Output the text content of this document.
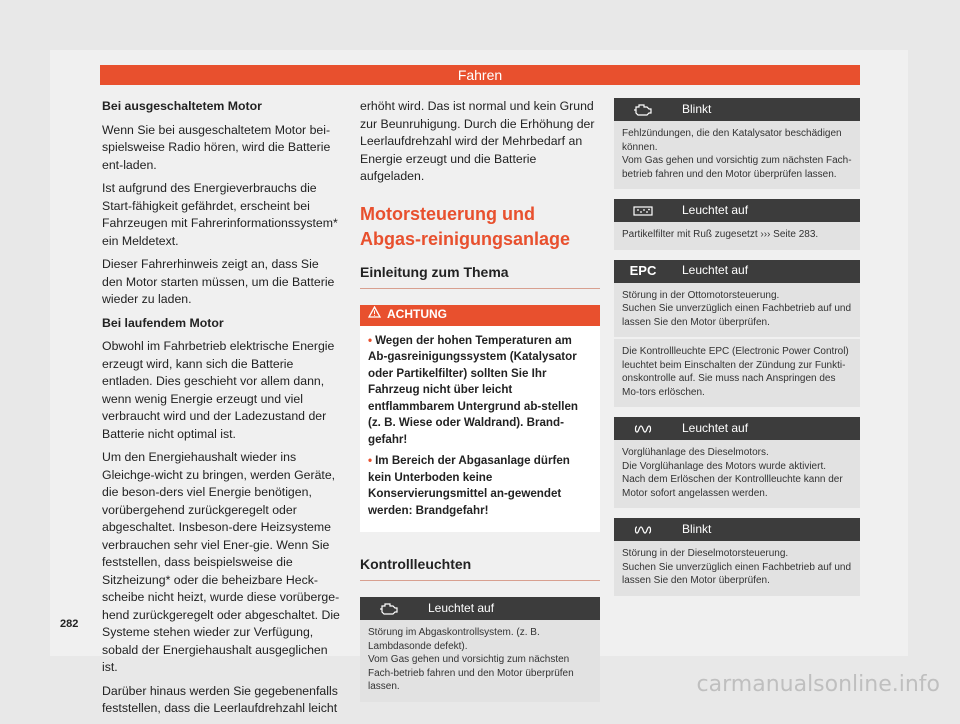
Fahren

Bei ausgeschaltetem Motor

Wenn Sie bei ausgeschaltetem Motor bei-spielsweise Radio hören, wird die Batterie ent-laden.

Ist aufgrund des Energieverbrauchs die Start-fähigkeit gefährdet, erscheint bei Fahrzeugen mit Fahrerinformationssystem* ein Meldetext.

Dieser Fahrerhinweis zeigt an, dass Sie den Motor starten müssen, um die Batterie wieder zu laden.

Bei laufendem Motor

Obwohl im Fahrbetrieb elektrische Energie erzeugt wird, kann sich die Batterie entladen. Dies geschieht vor allem dann, wenn wenig Energie erzeugt und viel verbraucht wird und der Ladezustand der Batterie nicht optimal ist.

Um den Energiehaushalt wieder ins Gleichge-wicht zu bringen, werden Geräte, die beson-ders viel Energie benötigen, vorübergehend zurückgeregelt oder abgeschaltet. Insbeson-dere Heizsysteme verbrauchen sehr viel Ener-gie. Wenn Sie feststellen, dass beispielsweise die Sitzheizung* oder die beheizbare Heck-scheibe nicht heizt, wurde diese vorüberge-hend zurückgeregelt oder abgeschaltet. Die Systeme stehen wieder zur Verfügung, sobald der Energiehaushalt ausgeglichen ist.

Darüber hinaus werden Sie gegebenenfalls feststellen, dass die Leerlaufdrehzahl leicht

erhöht wird. Das ist normal und kein Grund zur Beunruhigung. Durch die Erhöhung der Leerlaufdrehzahl wird der Mehrbedarf an Energie erzeugt und die Batterie aufgeladen.

Motorsteuerung und Abgas-reinigungsanlage
Einleitung zum Thema
ACHTUNG
• Wegen der hohen Temperaturen am Ab-gasreinigungssystem (Katalysator oder Partikelfilter) sollten Sie Ihr Fahrzeug nicht über leicht entflammbarem Untergrund ab-stellen (z. B. Wiese oder Waldrand). Brand-gefahr!
• Im Bereich der Abgasanlage dürfen kein Unterboden keine Konservierungsmittel an-gewendet werden: Brandgefahr!
Kontrollleuchten
Leuchtet auf
Störung im Abgaskontrollsystem. (z. B. Lambdasonde defekt).
Vom Gas gehen und vorsichtig zum nächsten Fach-betrieb fahren und den Motor überprüfen lassen.
Blinkt
Fehlzündungen, die den Katalysator beschädigen können.
Vom Gas gehen und vorsichtig zum nächsten Fach-betrieb fahren und den Motor überprüfen lassen.
Leuchtet auf
Partikelfilter mit Ruß zugesetzt ››› Seite 283.
EPC	Leuchtet auf
Störung in der Ottomotorsteuerung.
Suchen Sie unverzüglich einen Fachbetrieb auf und lassen Sie den Motor überprüfen.
Die Kontrollleuchte EPC (Electronic Power Control) leuchtet beim Einschalten der Zündung zur Funkti-onskontrolle auf. Sie muss nach Anspringen des Mo-tors erlöschen.
Leuchtet auf
Vorglühanlage des Dieselmotors.
Die Vorglühanlage des Motors wurde aktiviert. Nach dem Erlöschen der Kontrollleuchte kann der Motor sofort angelassen werden.
Blinkt
Störung in der Dieselmotorsteuerung.
Suchen Sie unverzüglich einen Fachbetrieb auf und lassen Sie den Motor überprüfen.
282
carmanualsonline.info
